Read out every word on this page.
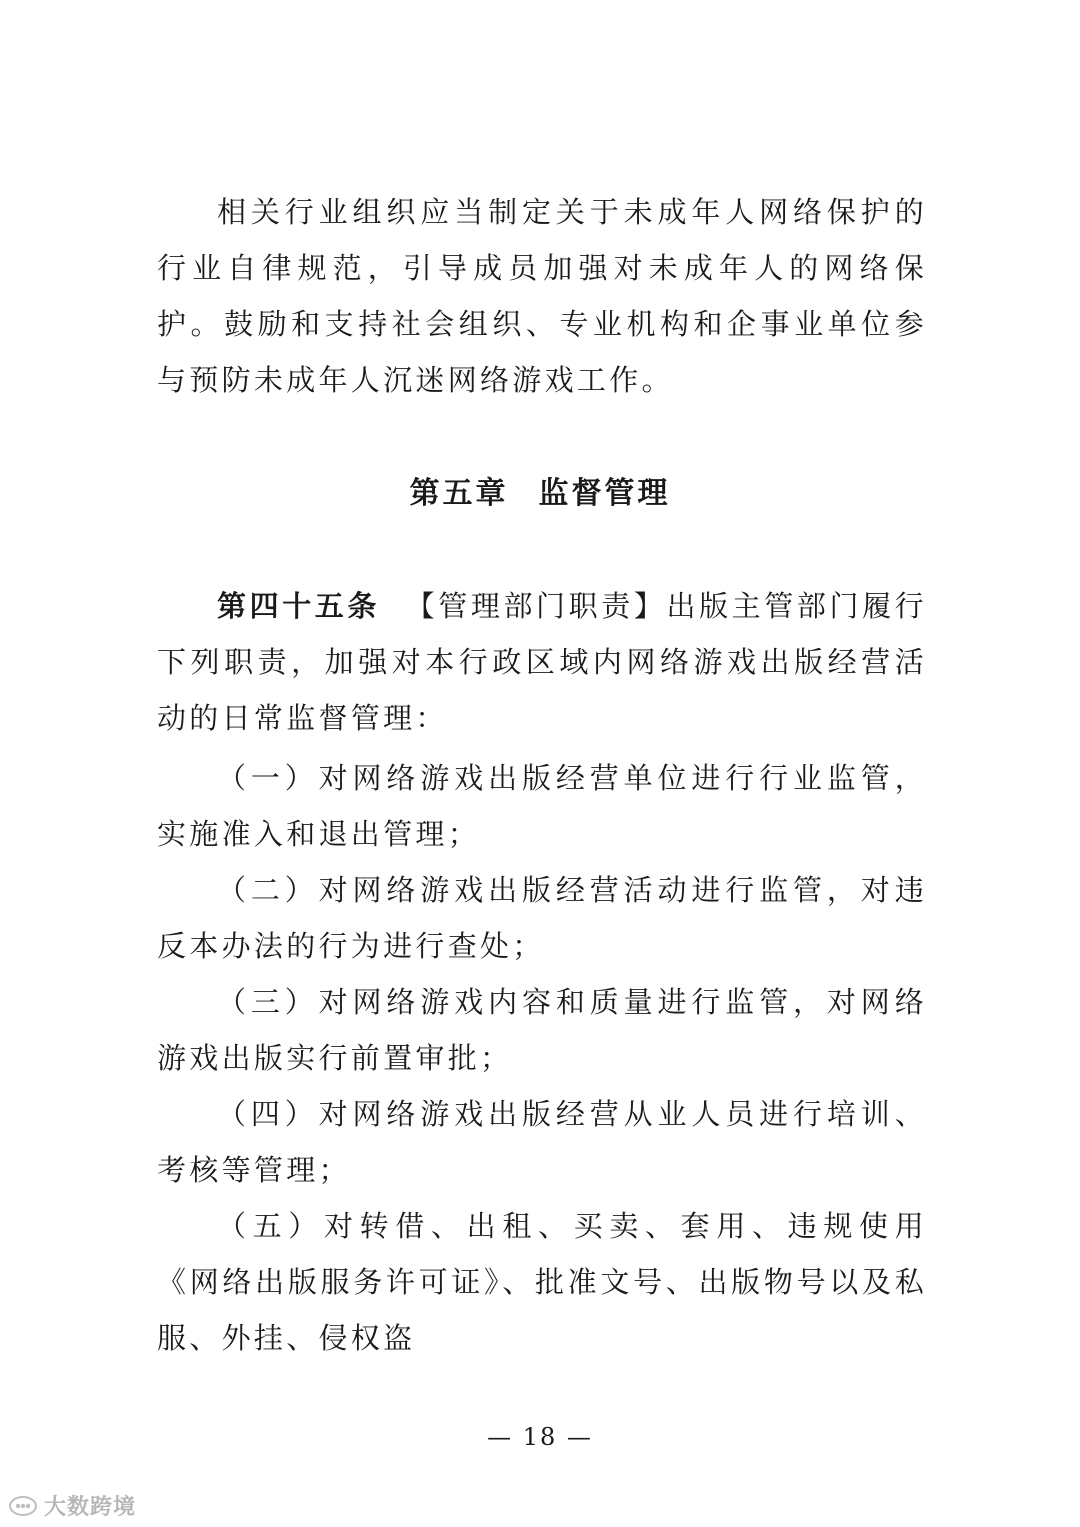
相关行业组织应当制定关于未成年人网络保护的行业自律规范，引导成员加强对未成年人的网络保护。鼓励和支持社会组织、专业机构和企事业单位参与预防未成年人沉迷网络游戏工作。

第五章 监督管理

第四十五条 【管理部门职责】出版主管部门履行下列职责，加强对本行政区域内网络游戏出版经营活动的日常监督管理：

（一）对网络游戏出版经营单位进行行业监管，实施准入和退出管理；

（二）对网络游戏出版经营活动进行监管，对违反本办法的行为进行查处；

（三）对网络游戏内容和质量进行监管，对网络游戏出版实行前置审批；

（四）对网络游戏出版经营从业人员进行培训、考核等管理；

（五）对转借、出租、买卖、套用、违规使用《网络出版服务许可证》、批准文号、出版物号以及私服、外挂、侵权盗

— 18 —
大数跨境
